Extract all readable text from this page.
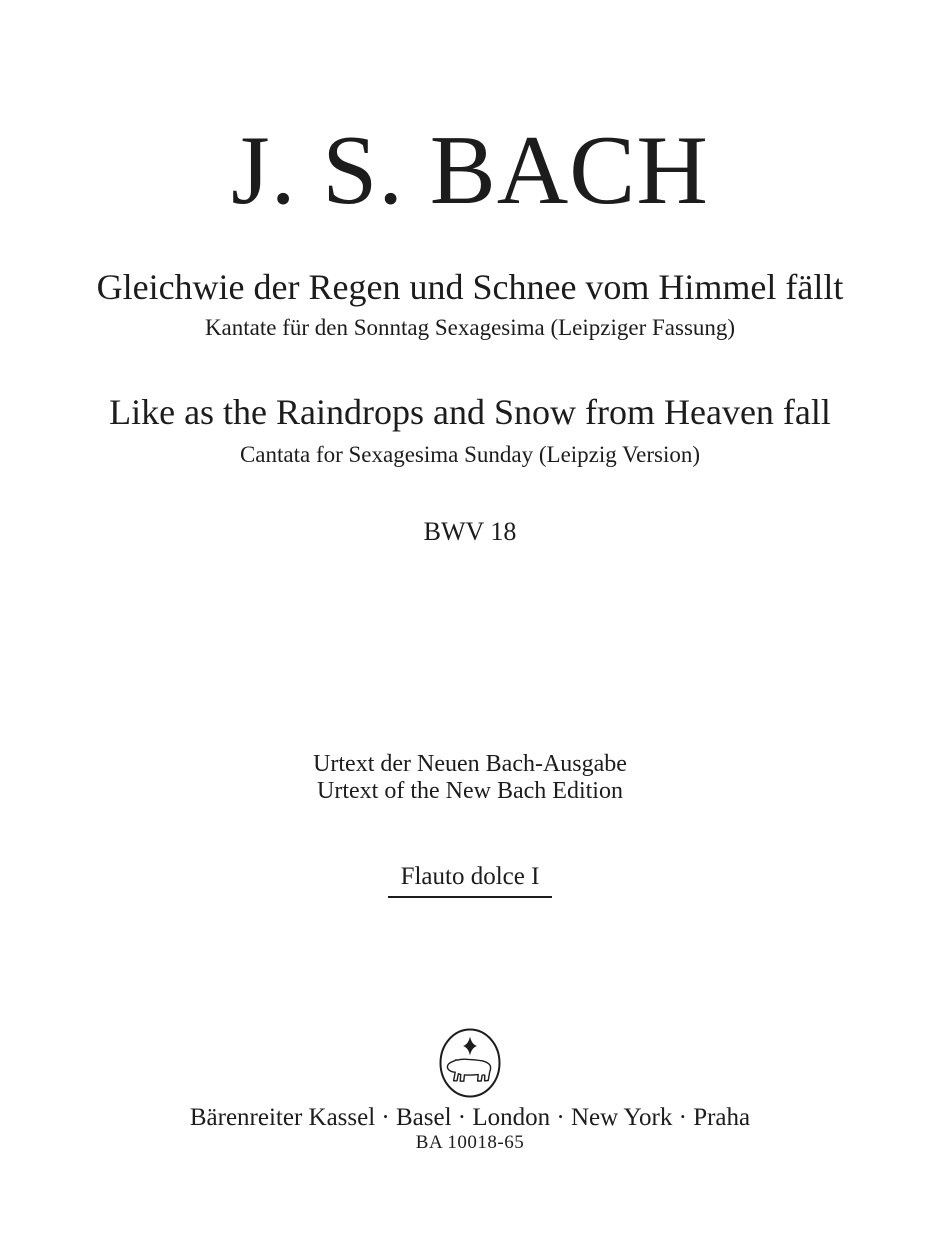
J. S. BACH
Gleichwie der Regen und Schnee vom Himmel fällt
Kantate für den Sonntag Sexagesima (Leipziger Fassung)
Like as the Raindrops and Snow from Heaven fall
Cantata for Sexagesima Sunday (Leipzig Version)
BWV 18
Urtext der Neuen Bach-Ausgabe
Urtext of the New Bach Edition
Flauto dolce I
Bärenreiter Kassel · Basel · London · New York · Praha
BA 10018-65
